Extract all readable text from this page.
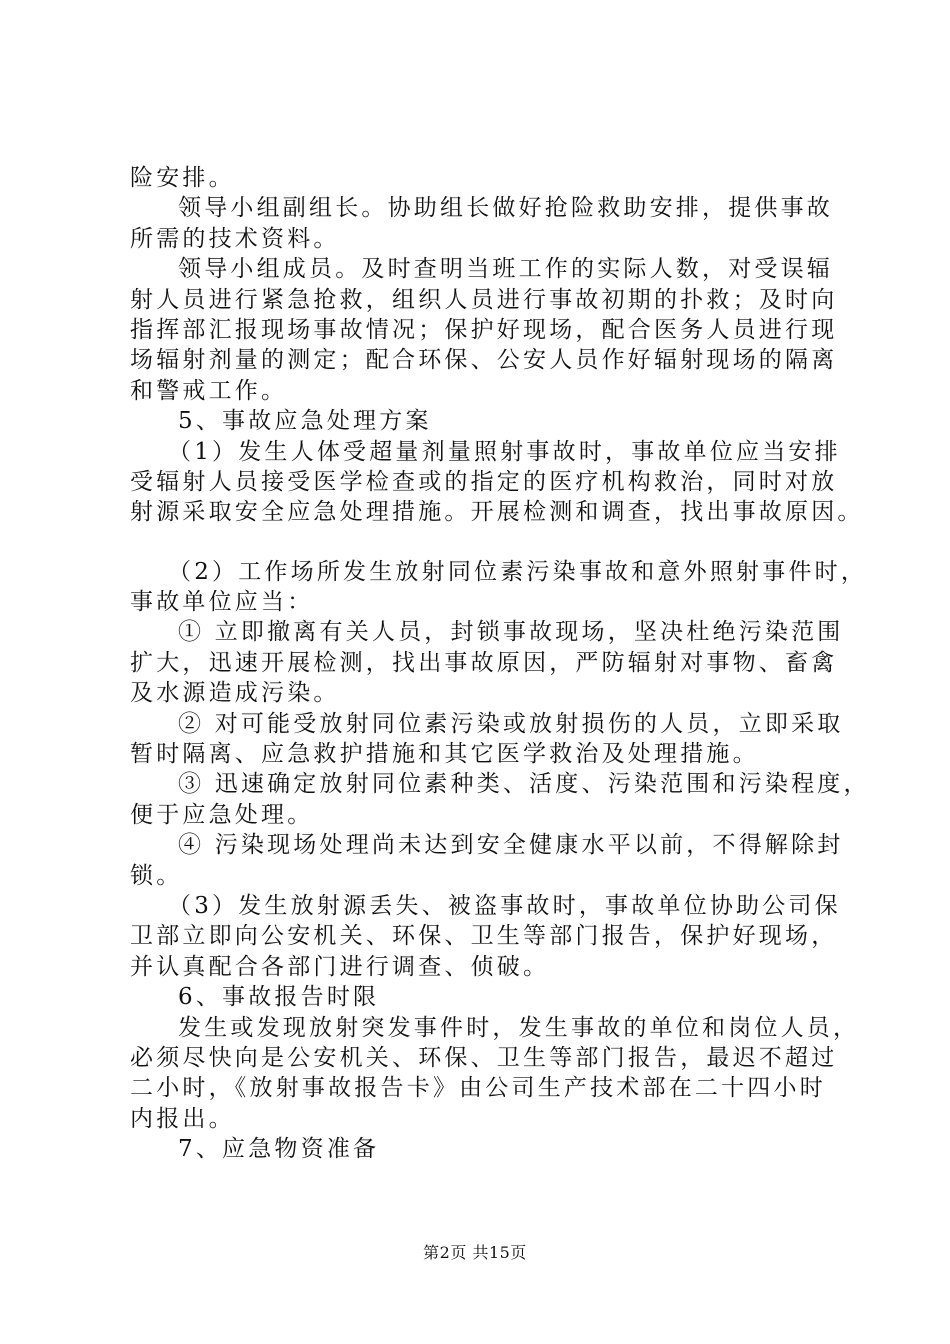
险安排。
领导小组副组长。协助组长做好抢险救助安排，提供事故
所需的技术资料。
领导小组成员。及时查明当班工作的实际人数，对受误辐
射人员进行紧急抢救，组织人员进行事故初期的扑救；及时向
指挥部汇报现场事故情况；保护好现场，配合医务人员进行现
场辐射剂量的测定；配合环保、公安人员作好辐射现场的隔离
和警戒工作。
5、事故应急处理方案
（1）发生人体受超量剂量照射事故时，事故单位应当安排
受辐射人员接受医学检查或的指定的医疗机构救治，同时对放
射源采取安全应急处理措施。开展检测和调查，找出事故原因。
（2）工作场所发生放射同位素污染事故和意外照射事件时，
事故单位应当：
① 立即撤离有关人员，封锁事故现场，坚决杜绝污染范围
扩大，迅速开展检测，找出事故原因，严防辐射对事物、畜禽
及水源造成污染。
② 对可能受放射同位素污染或放射损伤的人员，立即采取
暂时隔离、应急救护措施和其它医学救治及处理措施。
③ 迅速确定放射同位素种类、活度、污染范围和污染程度，
便于应急处理。
④ 污染现场处理尚未达到安全健康水平以前，不得解除封
锁。
（3）发生放射源丢失、被盗事故时，事故单位协助公司保
卫部立即向公安机关、环保、卫生等部门报告，保护好现场，
并认真配合各部门进行调查、侦破。
6、事故报告时限
发生或发现放射突发事件时，发生事故的单位和岗位人员，
必须尽快向是公安机关、环保、卫生等部门报告，最迟不超过
二小时，《放射事故报告卡》由公司生产技术部在二十四小时
内报出。
7、应急物资准备
第2页 共15页
